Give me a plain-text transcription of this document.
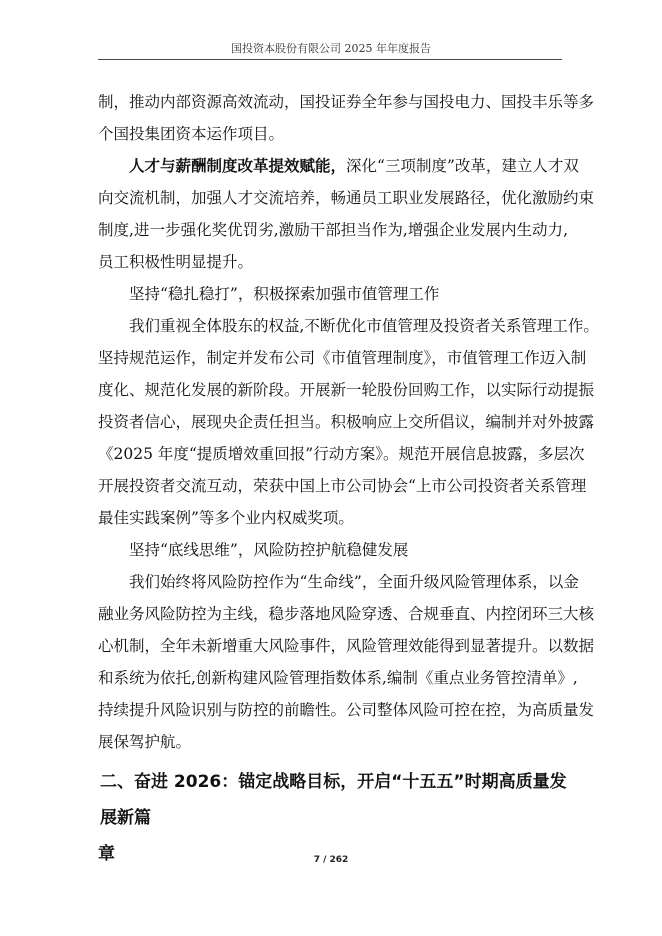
国投资本股份有限公司 2025 年年度报告

制，推动内部资源高效流动，国投证券全年参与国投电力、国投丰乐等多

个国投集团资本运作项目。

人才与薪酬制度改革提效赋能，深化“三项制度”改革，建立人才双

向交流机制，加强人才交流培养，畅通员工职业发展路径，优化激励约束

制度,进一步强化奖优罚劣,激励干部担当作为,增强企业发展内生动力,

员工积极性明显提升。

坚持“稳扎稳打”，积极探索加强市值管理工作

我们重视全体股东的权益,不断优化市值管理及投资者关系管理工作。

坚持规范运作，制定并发布公司《市值管理制度》，市值管理工作迈入制

度化、规范化发展的新阶段。开展新一轮股份回购工作，以实际行动提振

投资者信心，展现央企责任担当。积极响应上交所倡议，编制并对外披露

《2025 年度“提质增效重回报”行动方案》。规范开展信息披露，多层次

开展投资者交流互动，荣获中国上市公司协会“上市公司投资者关系管理

最佳实践案例”等多个业内权威奖项。

坚持“底线思维”，风险防控护航稳健发展

我们始终将风险防控作为“生命线”，全面升级风险管理体系，以金

融业务风险防控为主线，稳步落地风险穿透、合规垂直、内控闭环三大核

心机制，全年未新增重大风险事件，风险管理效能得到显著提升。以数据

和系统为依托,创新构建风险管理指数体系,编制《重点业务管控清单》,

持续提升风险识别与防控的前瞻性。公司整体风险可控在控，为高质量发

展保驾护航。

二、奋进 2026：锚定战略目标，开启“十五五”时期高质量发展新篇
章	7 / 262
